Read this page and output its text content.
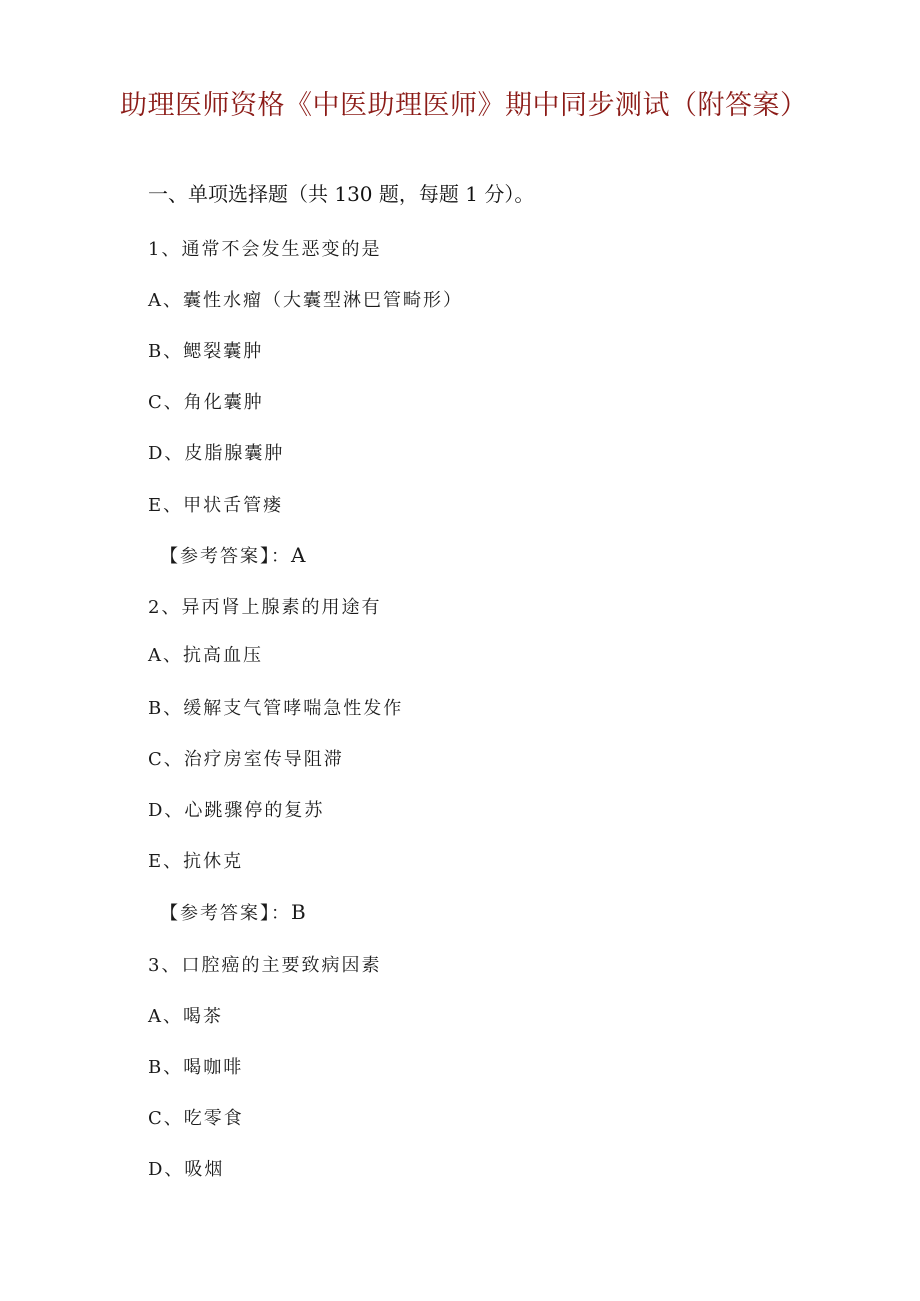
助理医师资格《中医助理医师》期中同步测试（附答案）
一、单项选择题（共 130 题，每题 1 分）。
1、通常不会发生恶变的是
A、囊性水瘤（大囊型淋巴管畸形）
B、鳃裂囊肿
C、角化囊肿
D、皮脂腺囊肿
E、甲状舌管瘘
【参考答案】：A
2、异丙肾上腺素的用途有
A、抗高血压
B、缓解支气管哮喘急性发作
C、治疗房室传导阻滞
D、心跳骤停的复苏
E、抗休克
【参考答案】：B
3、口腔癌的主要致病因素
A、喝茶
B、喝咖啡
C、吃零食
D、吸烟
